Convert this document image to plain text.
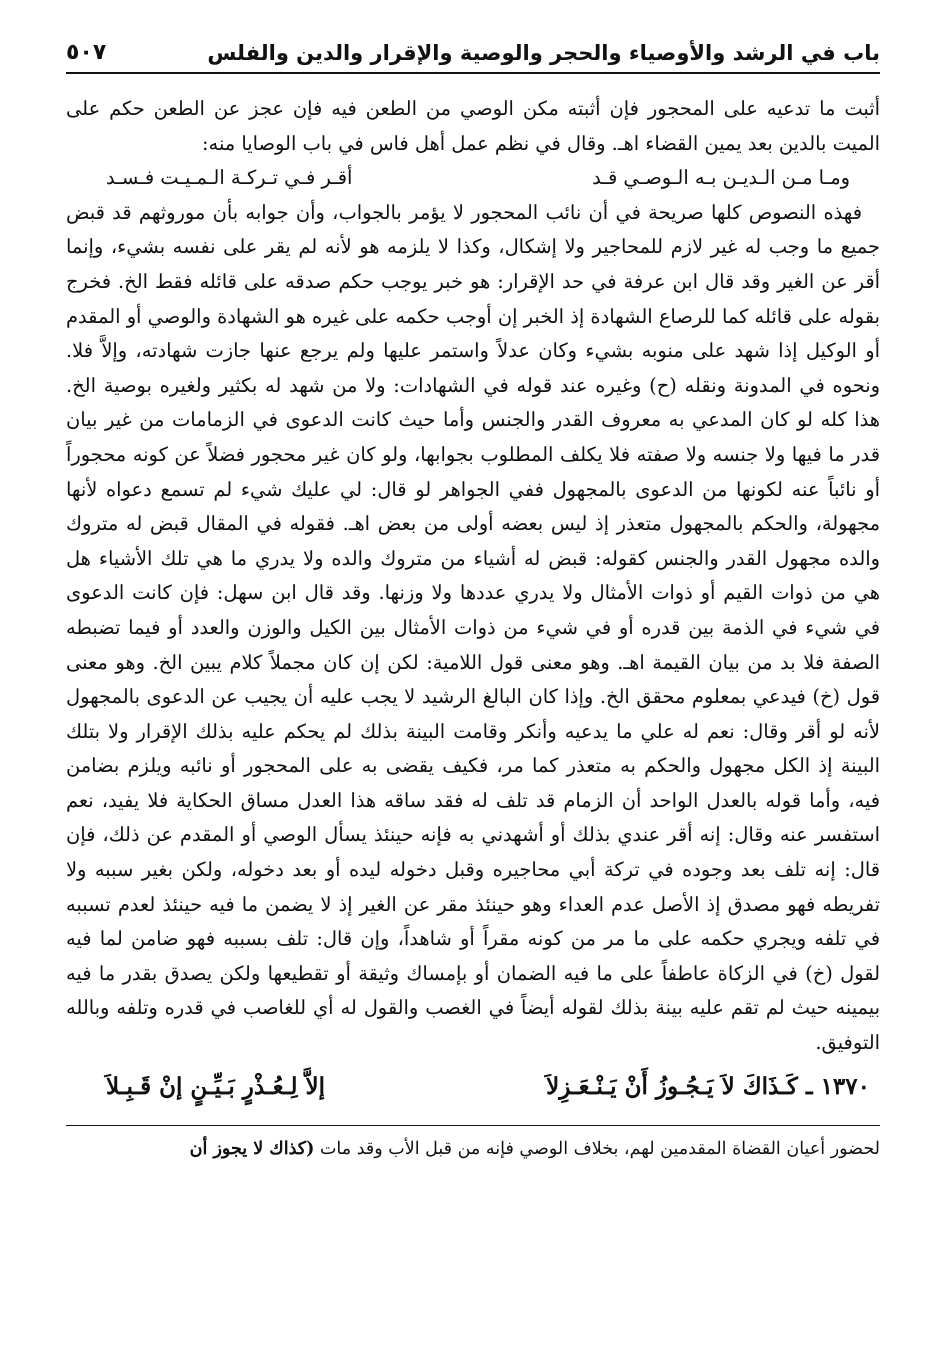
باب في الرشد والأوصياء والحجر والوصية والإقرار والدين والفلس
٥٠٧

أثبت ما تدعيه على المحجور فإن أثبته مكن الوصي من الطعن فيه فإن عجز عن الطعن حكم على الميت بالدين بعد يمين القضاء اهـ. وقال في نظم عمل أهل فاس في باب الوصايا منه:

ومـا مـن الـديـن بـه الـوصـي قـد
أقـر فـي تـركـة الـمـيـت فـسـد

فهذه النصوص كلها صريحة في أن نائب المحجور لا يؤمر بالجواب، وأن جوابه بأن موروثهم قد قبض جميع ما وجب له غير لازم للمحاجير ولا إشكال، وكذا لا يلزمه هو لأنه لم يقر على نفسه بشيء، وإنما أقر عن الغير وقد قال ابن عرفة في حد الإقرار: هو خبر يوجب حكم صدقه على قائله فقط الخ. فخرج بقوله على قائله كما للرصاع الشهادة إذ الخبر إن أوجب حكمه على غيره هو الشهادة والوصي أو المقدم أو الوكيل إذا شهد على منوبه بشيء وكان عدلاً واستمر عليها ولم يرجع عنها جازت شهادته، وإلاَّ فلا. ونحوه في المدونة ونقله (ح) وغيره عند قوله في الشهادات: ولا من شهد له بكثير ولغيره بوصية الخ. هذا كله لو كان المدعي به معروف القدر والجنس وأما حيث كانت الدعوى في الزمامات من غير بيان قدر ما فيها ولا جنسه ولا صفته فلا يكلف المطلوب بجوابها، ولو كان غير محجور فضلاً عن كونه محجوراً أو نائباً عنه لكونها من الدعوى بالمجهول ففي الجواهر لو قال: لي عليك شيء لم تسمع دعواه لأنها مجهولة، والحكم بالمجهول متعذر إذ ليس بعضه أولى من بعض اهـ. فقوله في المقال قبض له متروك والده مجهول القدر والجنس كقوله: قبض له أشياء من متروك والده ولا يدري ما هي تلك الأشياء هل هي من ذوات القيم أو ذوات الأمثال ولا يدري عددها ولا وزنها. وقد قال ابن سهل: فإن كانت الدعوى في شيء في الذمة بين قدره أو في شيء من ذوات الأمثال بين الكيل والوزن والعدد أو فيما تضبطه الصفة فلا بد من بيان القيمة اهـ. وهو معنى قول اللامية: لكن إن كان مجملاً كلام يبين الخ. وهو معنى قول (خ) فيدعي بمعلوم محقق الخ. وإذا كان البالغ الرشيد لا يجب عليه أن يجيب عن الدعوى بالمجهول لأنه لو أقر وقال: نعم له علي ما يدعيه وأنكر وقامت البينة بذلك لم يحكم عليه بذلك الإقرار ولا بتلك البينة إذ الكل مجهول والحكم به متعذر كما مر، فكيف يقضى به على المحجور أو نائبه ويلزم بضامن فيه، وأما قوله بالعدل الواحد أن الزمام قد تلف له فقد ساقه هذا العدل مساق الحكاية فلا يفيد، نعم استفسر عنه وقال: إنه أقر عندي بذلك أو أشهدني به فإنه حينئذ يسأل الوصي أو المقدم عن ذلك، فإن قال: إنه تلف بعد وجوده في تركة أبي محاجيره وقبل دخوله ليده أو بعد دخوله، ولكن بغير سببه ولا تفريطه فهو مصدق إذ الأصل عدم العداء وهو حينئذ مقر عن الغير إذ لا يضمن ما فيه حينئذ لعدم تسببه في تلفه ويجري حكمه على ما مر من كونه مقراً أو شاهداً، وإن قال: تلف بسببه فهو ضامن لما فيه لقول (خ) في الزكاة عاطفاً على ما فيه الضمان أو بإمساك وثيقة أو تقطيعها ولكن يصدق بقدر ما فيه بيمينه حيث لم تقم عليه بينة بذلك لقوله أيضاً في الغصب والقول له أي للغاصب في قدره وتلفه وبالله التوفيق.

١٣٧٠ ـ كَـذَاكَ لاَ يَـجُـوزُ أَنْ يَـنْـعَـزِلاَ
إلاَّ لِـعُـذْرٍ بَـيِّـنٍ إنْ قَـبِـلاَ
لحضور أعيان القضاة المقدمين لهم، بخلاف الوصي فإنه من قبل الأب وقد مات (كذاك لا يجوز أن
